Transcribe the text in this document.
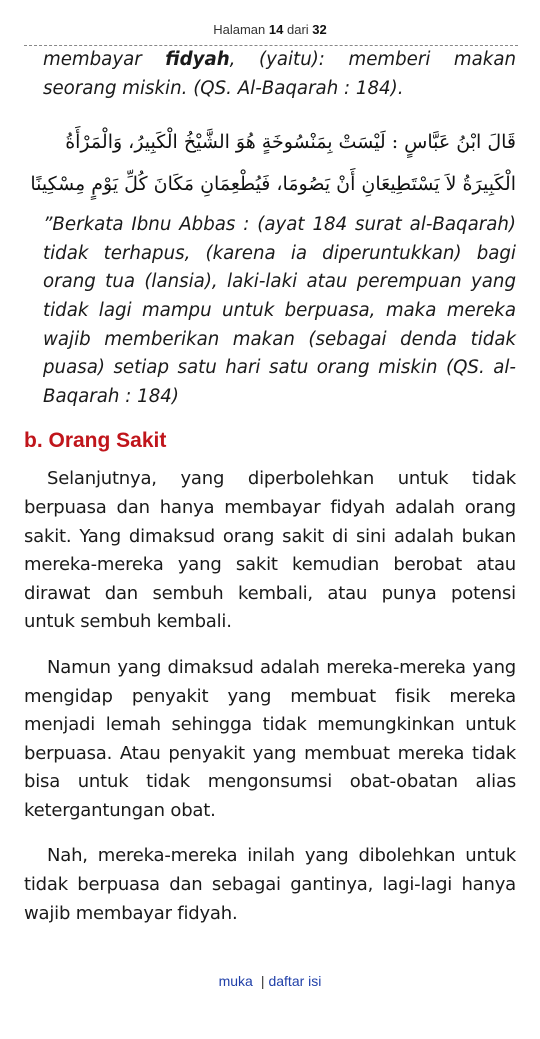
Halaman 14 dari 32

membayar fidyah, (yaitu): memberi makan seorang miskin. (QS. Al-Baqarah : 184).

قَالَ ابْنُ عَبَّاسٍ : لَيْسَتْ بِمَنْسُوخَةٍ هُوَ الشَّيْخُ الْكَبِيرُ، وَالْمَرْأَةُ الْكَبِيرَةُ لاَ يَسْتَطِيعَانِ أَنْ يَصُومَا، فَيُطْعِمَانِ مَكَانَ كُلِّ يَوْمٍ مِسْكِينًا

”Berkata Ibnu Abbas : (ayat 184 surat al-Baqarah) tidak terhapus, (karena ia diperuntukkan) bagi orang tua (lansia), laki-laki atau perempuan yang tidak lagi mampu untuk berpuasa, maka mereka wajib memberikan makan (sebagai denda tidak puasa) setiap satu hari satu orang miskin (QS. al-Baqarah : 184)

b. Orang Sakit

Selanjutnya, yang diperbolehkan untuk tidak berpuasa dan hanya membayar fidyah adalah orang sakit. Yang dimaksud orang sakit di sini adalah bukan mereka-mereka yang sakit kemudian berobat atau dirawat dan sembuh kembali, atau punya potensi untuk sembuh kembali.

Namun yang dimaksud adalah mereka-mereka yang mengidap penyakit yang membuat fisik mereka menjadi lemah sehingga tidak memungkinkan untuk berpuasa. Atau penyakit yang membuat mereka tidak bisa untuk tidak mengonsumsi obat-obatan alias ketergantungan obat.

Nah, mereka-mereka inilah yang dibolehkan untuk tidak berpuasa dan sebagai gantinya, lagi-lagi hanya wajib membayar fidyah.

muka | daftar isi
